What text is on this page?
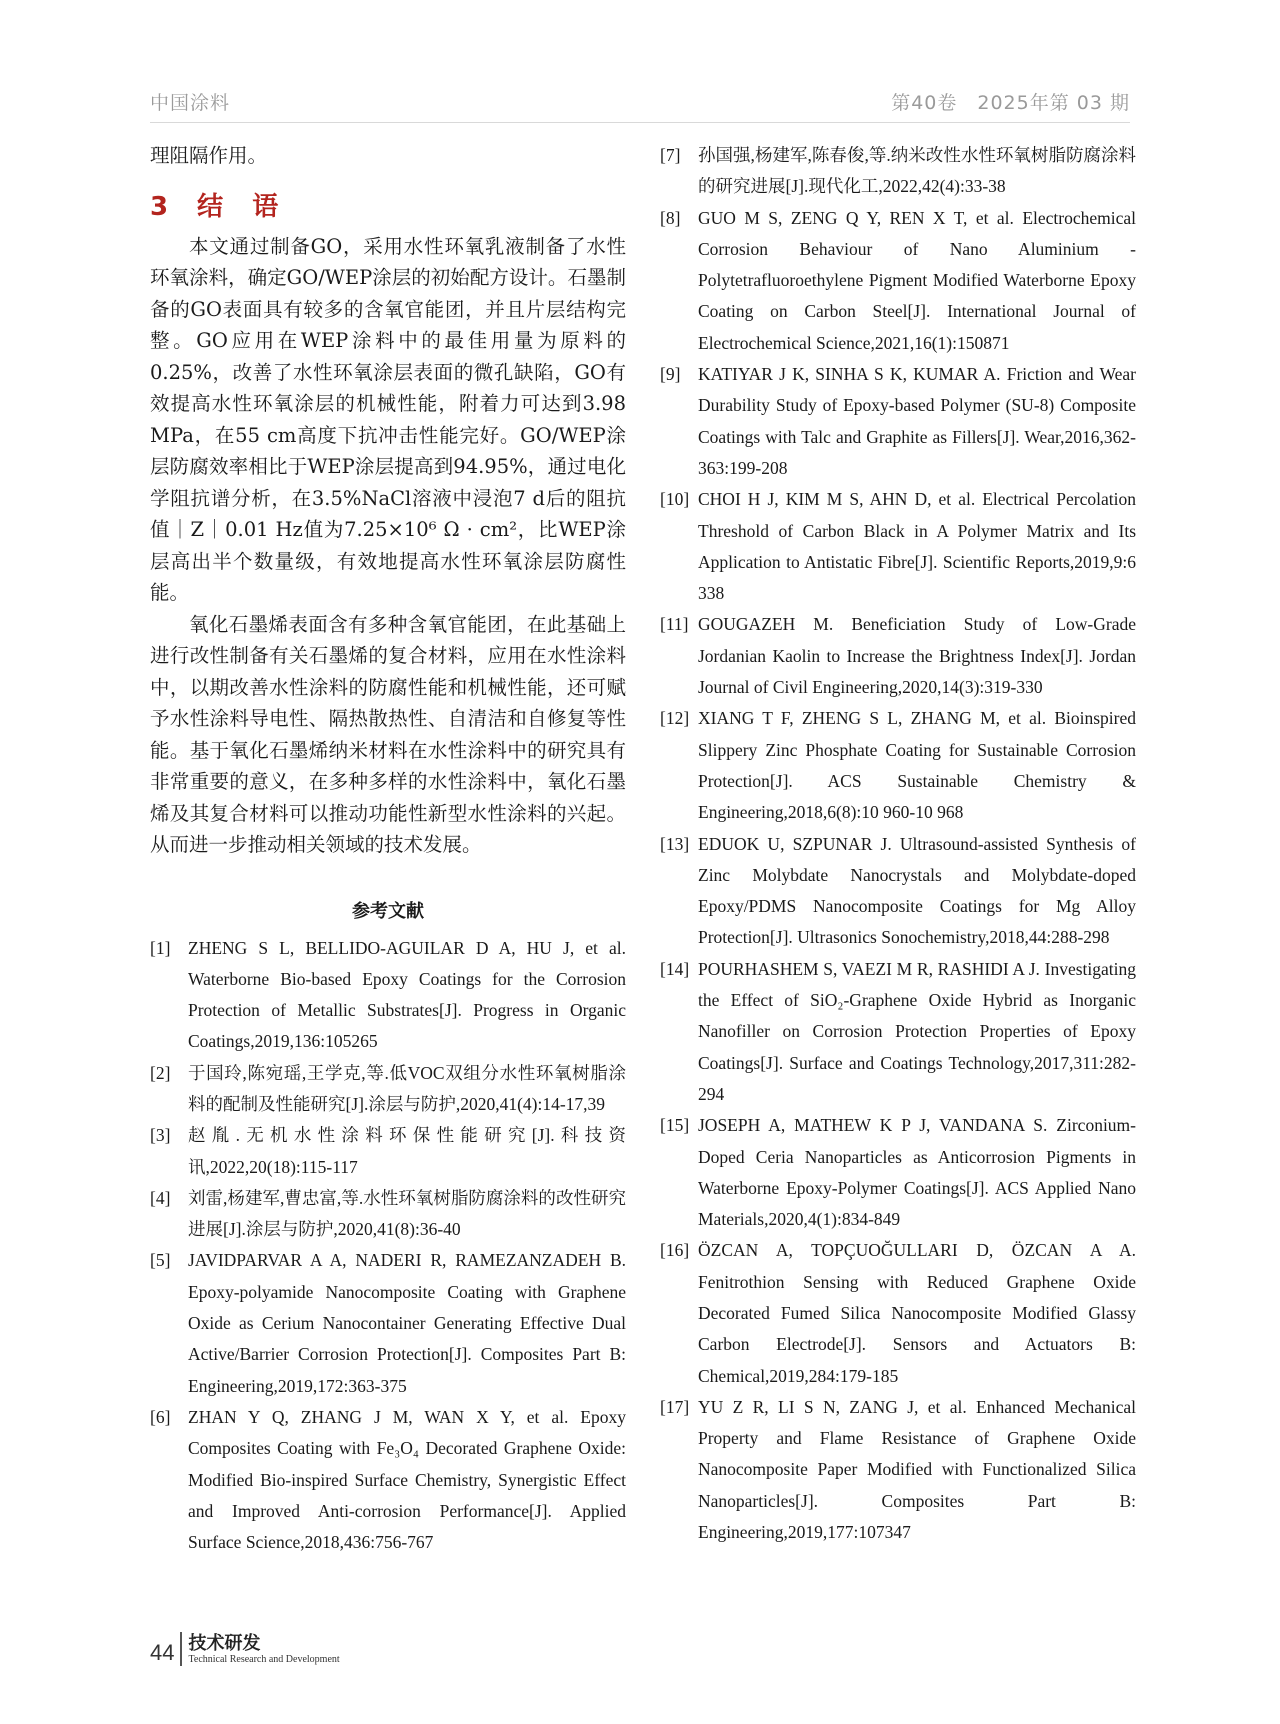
中国涂料	第40卷　2025年第 03 期

理阻隔作用。

3 结 语

本文通过制备GO，采用水性环氧乳液制备了水性环氧涂料，确定GO/WEP涂层的初始配方设计。石墨制备的GO表面具有较多的含氧官能团，并且片层结构完整。GO应用在WEP涂料中的最佳用量为原料的0.25%，改善了水性环氧涂层表面的微孔缺陷，GO有效提高水性环氧涂层的机械性能，附着力可达到3.98 MPa，在55 cm高度下抗冲击性能完好。GO/WEP涂层防腐效率相比于WEP涂层提高到94.95%，通过电化学阻抗谱分析，在3.5%NaCl溶液中浸泡7 d后的阻抗值｜Z｜0.01 Hz值为7.25×10⁶ Ω · cm²，比WEP涂层高出半个数量级，有效地提高水性环氧涂层防腐性能。

氧化石墨烯表面含有多种含氧官能团，在此基础上进行改性制备有关石墨烯的复合材料，应用在水性涂料中，以期改善水性涂料的防腐性能和机械性能，还可赋予水性涂料导电性、隔热散热性、自清洁和自修复等性能。基于氧化石墨烯纳米材料在水性涂料中的研究具有非常重要的意义，在多种多样的水性涂料中，氧化石墨烯及其复合材料可以推动功能性新型水性涂料的兴起。从而进一步推动相关领域的技术发展。

参考文献
[1]	ZHENG S L, BELLIDO-AGUILAR D A, HU J, et al. Waterborne Bio-based Epoxy Coatings for the Corrosion Protection of Metallic Substrates[J]. Progress in Organic Coatings,2019,136:105265
[2]	于国玲,陈宛瑶,王学克,等.低VOC双组分水性环氧树脂涂料的配制及性能研究[J].涂层与防护,2020,41(4):14-17,39
[3]	赵胤.无机水性涂料环保性能研究[J].科技资讯,2022,20(18):115-117
[4]	刘雷,杨建军,曹忠富,等.水性环氧树脂防腐涂料的改性研究进展[J].涂层与防护,2020,41(8):36-40
[5]	JAVIDPARVAR A A, NADERI R, RAMEZANZADEH B. Epoxy-polyamide Nanocomposite Coating with Graphene Oxide as Cerium Nanocontainer Generating Effective Dual Active/Barrier Corrosion Protection[J]. Composites Part B: Engineering,2019,172:363-375
[6]	ZHAN Y Q, ZHANG J M, WAN X Y, et al. Epoxy Composites Coating with Fe₃O₄ Decorated Graphene Oxide: Modified Bio-inspired Surface Chemistry, Synergistic Effect and Improved Anti-corrosion Performance[J]. Applied Surface Science,2018,436:756-767
[7]	孙国强,杨建军,陈春俊,等.纳米改性水性环氧树脂防腐涂料的研究进展[J].现代化工,2022,42(4):33-38
[8]	GUO M S, ZENG Q Y, REN X T, et al. Electrochemical Corrosion Behaviour of Nano Aluminium - Polytetrafluoroethylene Pigment Modified Waterborne Epoxy Coating on Carbon Steel[J]. International Journal of Electrochemical Science,2021,16(1):150871
[9]	KATIYAR J K, SINHA S K, KUMAR A. Friction and Wear Durability Study of Epoxy-based Polymer (SU-8) Composite Coatings with Talc and Graphite as Fillers[J]. Wear,2016,362-363:199-208
[10] CHOI H J, KIM M S, AHN D, et al. Electrical Percolation Threshold of Carbon Black in A Polymer Matrix and Its Application to Antistatic Fibre[J]. Scientific Reports,2019,9:6 338
[11] GOUGAZEH M. Beneficiation Study of Low-Grade Jordanian Kaolin to Increase the Brightness Index[J]. Jordan Journal of Civil Engineering,2020,14(3):319-330
[12] XIANG T F, ZHENG S L, ZHANG M, et al. Bioinspired Slippery Zinc Phosphate Coating for Sustainable Corrosion Protection[J]. ACS Sustainable Chemistry & Engineering,2018,6(8):10 960-10 968
[13] EDUOK U, SZPUNAR J. Ultrasound-assisted Synthesis of Zinc Molybdate Nanocrystals and Molybdate-doped Epoxy/PDMS Nanocomposite Coatings for Mg Alloy Protection[J]. Ultrasonics Sonochemistry,2018,44:288-298
[14] POURHASHEM S, VAEZI M R, RASHIDI A J. Investigating the Effect of SiO₂-Graphene Oxide Hybrid as Inorganic Nanofiller on Corrosion Protection Properties of Epoxy Coatings[J]. Surface and Coatings Technology,2017,311:282-294
[15] JOSEPH A, MATHEW K P J, VANDANA S. Zirconium-Doped Ceria Nanoparticles as Anticorrosion Pigments in Waterborne Epoxy-Polymer Coatings[J]. ACS Applied Nano Materials,2020,4(1):834-849
[16] ÖZCAN A, TOPÇUOĞULLARI D, ÖZCAN A A. Fenitrothion Sensing with Reduced Graphene Oxide Decorated Fumed Silica Nanocomposite Modified Glassy Carbon Electrode[J]. Sensors and Actuators B: Chemical,2019,284:179-185
[17] YU Z R, LI S N, ZANG J, et al. Enhanced Mechanical Property and Flame Resistance of Graphene Oxide Nanocomposite Paper Modified with Functionalized Silica Nanoparticles[J]. Composites Part B: Engineering,2019,177:107347
44 技术研发
Technical Research and Development
